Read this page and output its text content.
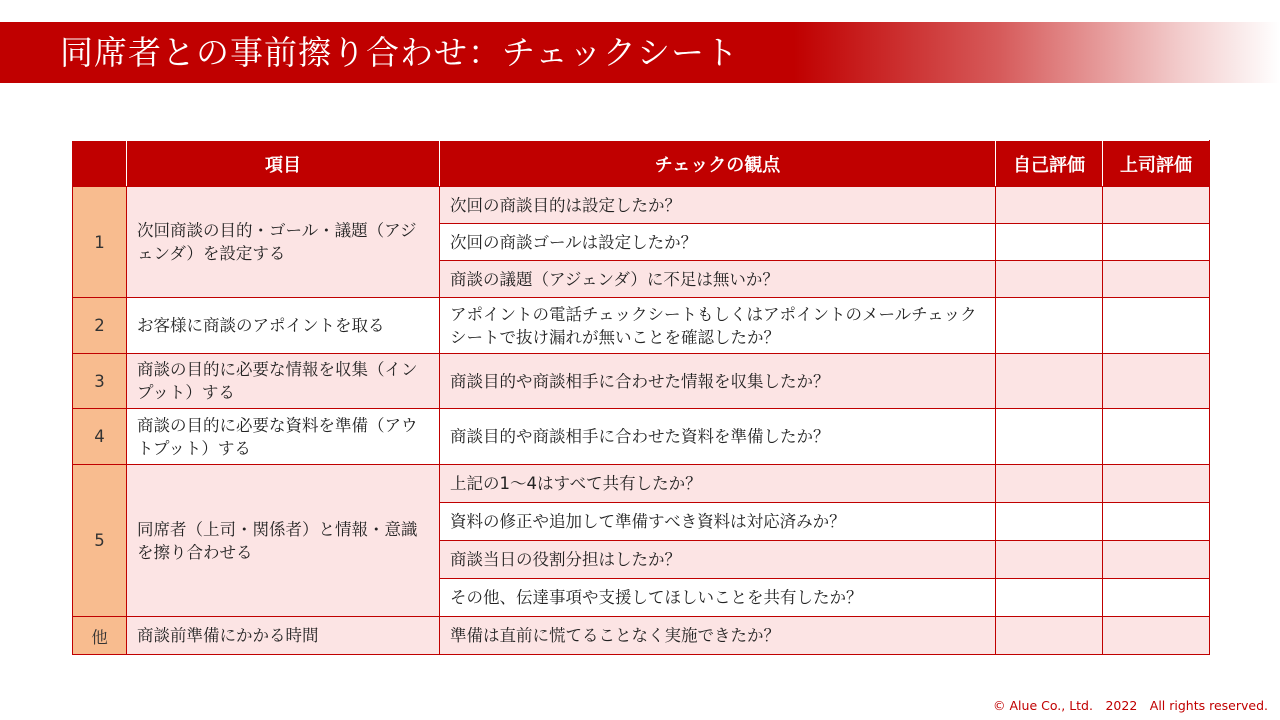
同席者との事前擦り合わせ：チェックシート
	項目	チェックの観点	自己評価	上司評価
1	次回商談の目的・ゴール・議題（アジェンダ）を設定する	次回の商談目的は設定したか？		
		次回の商談ゴールは設定したか？		
		商談の議題（アジェンダ）に不足は無いか？		
2	お客様に商談のアポイントを取る	アポイントの電話チェックシートもしくはアポイントのメールチェックシートで抜け漏れが無いことを確認したか？		
3	商談の目的に必要な情報を収集（インプット）する	商談目的や商談相手に合わせた情報を収集したか？		
4	商談の目的に必要な資料を準備（アウトプット）する	商談目的や商談相手に合わせた資料を準備したか？		
5	同席者（上司・関係者）と情報・意識を擦り合わせる	上記の1～4はすべて共有したか？		
		資料の修正や追加して準備すべき資料は対応済みか？		
		商談当日の役割分担はしたか？		
		その他、伝達事項や支援してほしいことを共有したか？		
他	商談前準備にかかる時間	準備は直前に慌てることなく実施できたか？		
© Alue Co., Ltd.　2022　All rights reserved.
